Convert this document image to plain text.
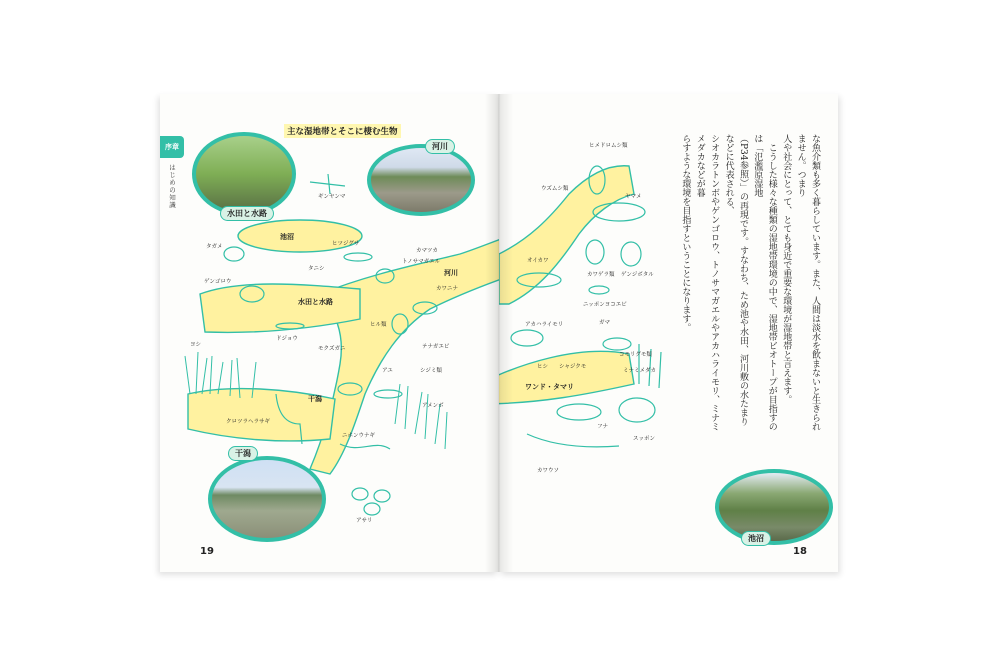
序章
はじめの知識
主な湿地帯とそこに棲む生物
水田と水路
河川
干潟
池沼
水田と水路
河川
干潟
ギンヤンマ
ヒツジグサ
カマツカ
トノサマガエル
タガメ
ゲンゴロウ
タニシ
カワニナ
ドジョウ
ヒル類
ヨシ
モクズガニ	テナガエビ
アユ	シジミ類
クロツラヘラサギ
ニホンウナギ
アメンボ
アサリ
19
池沼
ワンド・タマリ
ヒメドロムシ類
ウズムシ類
ヤマメ
オイカワ
カワゲラ類 ゲンジボタル
ニッポンヨコエビ
アカハライモリ	ガマ
ヒシ シャジクモ
コモリグモ類
ミナミメダカ
フナ
スッポン
カワウソ

な魚介類も多く暮らしています。また、人間は淡水を飲まないと生きられません。つまり

人や社会にとって、とても身近で重要な環境が湿地帯と言えます。

　こうした様々な種類の湿地帯環境の中で、湿地帯ビオトープが目指すのは「氾濫原湿地

（P34参照）」の再現です。すなわち、ため池や水田、河川敷の水たまりなどに代表される、

シオカラトンボやゲンゴロウ、トノサマガエルやアカハライモリ、ミナミメダカなどが暮

らすような環境を目指すということになります。

18
